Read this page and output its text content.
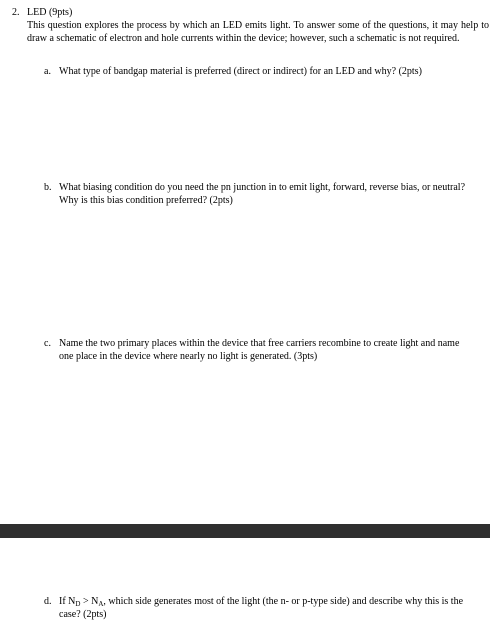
2. LED (9pts)
This question explores the process by which an LED emits light. To answer some of the questions, it may help to draw a schematic of electron and hole currents within the device; however, such a schematic is not required.
a. What type of bandgap material is preferred (direct or indirect) for an LED and why? (2pts)
b. What biasing condition do you need the pn junction in to emit light, forward, reverse bias, or neutral? Why is this bias condition preferred? (2pts)
c. Name the two primary places within the device that free carriers recombine to create light and name one place in the device where nearly no light is generated. (3pts)
d. If $N_D > N_A$, which side generates most of the light (the n- or p-type side) and describe why this is the case? (2pts)
